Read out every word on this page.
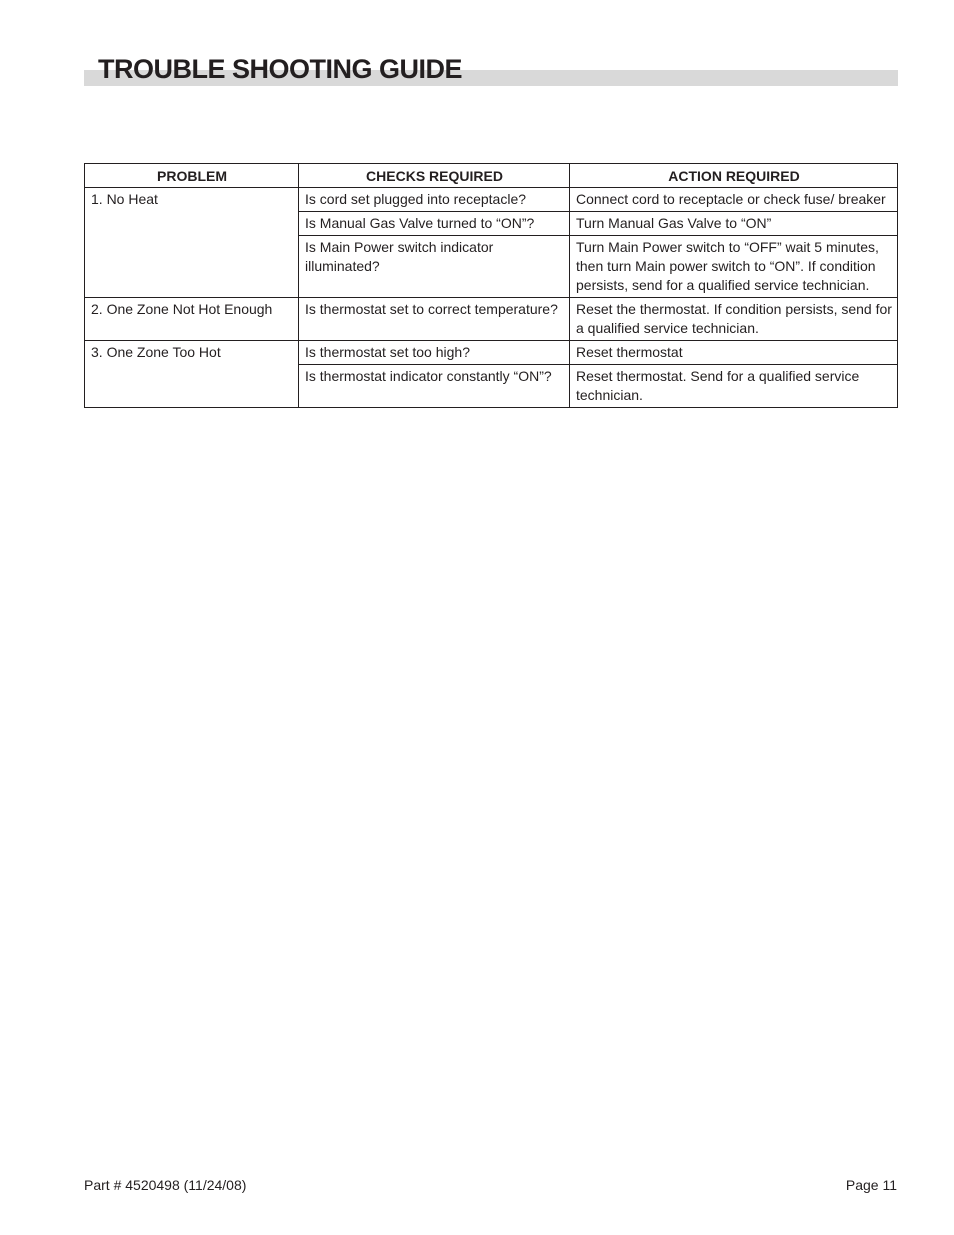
TROUBLE SHOOTING GUIDE
PROBLEM	CHECKS REQUIRED	ACTION REQUIRED
1. No Heat	Is cord set plugged into receptacle?	Connect cord to receptacle or check fuse/ breaker
	Is Manual Gas Valve turned to “ON”?	Turn Manual Gas Valve to “ON”
	Is Main Power switch indicator illuminated?	Turn Main Power switch to “OFF” wait 5 minutes, then turn Main power switch to “ON”. If condition persists, send for a qualified service technician.
2. One Zone Not Hot Enough	Is thermostat set to correct temperature?	Reset the thermostat. If condition persists, send for a qualified service technician.
3. One Zone Too Hot	Is thermostat set too high?	Reset thermostat
	Is thermostat indicator constantly “ON”?	Reset thermostat. Send for a qualified service technician.
Part # 4520498 (11/24/08)	Page 11
